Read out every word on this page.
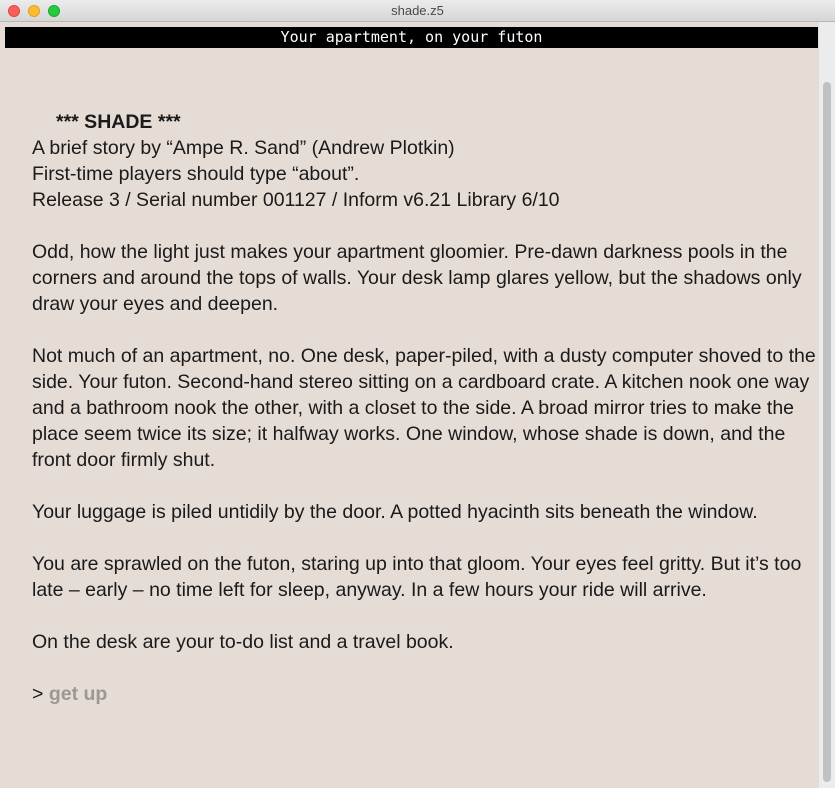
shade.z5
Your apartment, on your futon

*** SHADE ***
A brief story by “Ampe R. Sand” (Andrew Plotkin)
First-time players should type “about”.
Release 3 / Serial number 001127 / Inform v6.21 Library 6/10

Odd, how the light just makes your apartment gloomier. Pre-dawn darkness pools in the corners and around the tops of walls. Your desk lamp glares yellow, but the shadows only draw your eyes and deepen.

Not much of an apartment, no. One desk, paper-piled, with a dusty computer shoved to the side. Your futon. Second-hand stereo sitting on a cardboard crate. A kitchen nook one way and a bathroom nook the other, with a closet to the side. A broad mirror tries to make the place seem twice its size; it halfway works. One window, whose shade is down, and the front door firmly shut.

Your luggage is piled untidily by the door. A potted hyacinth sits beneath the window.

You are sprawled on the futon, staring up into that gloom. Your eyes feel gritty. But it’s too late – early – no time left for sleep, anyway. In a few hours your ride will arrive.

On the desk are your to-do list and a travel book.

> get up
